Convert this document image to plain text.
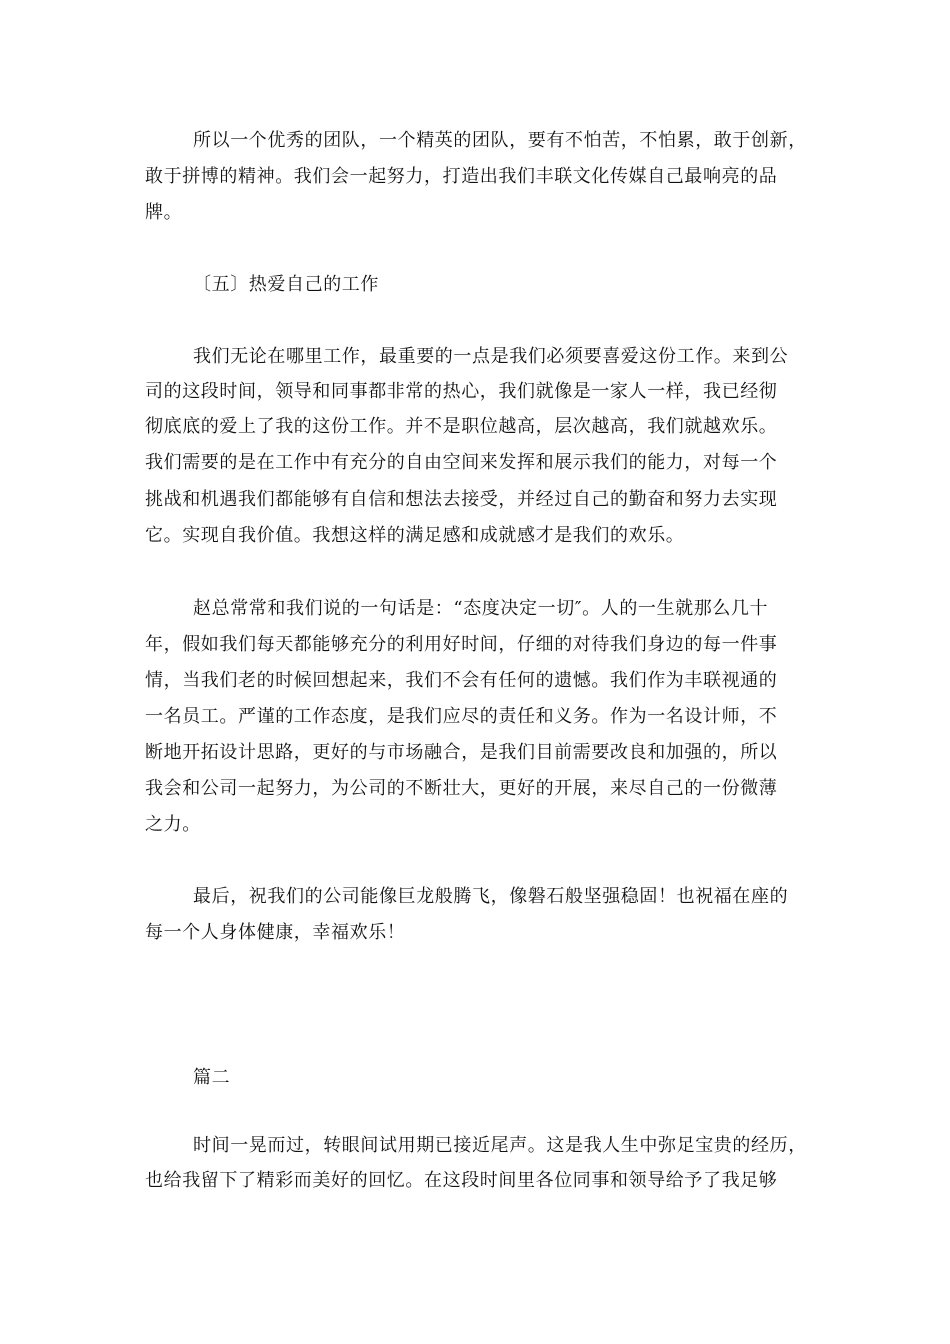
所以一个优秀的团队，一个精英的团队，要有不怕苦，不怕累，敢于创新，
敢于拼博的精神。我们会一起努力，打造出我们丰联文化传媒自己最响亮的品
牌。
〔五〕热爱自己的工作
我们无论在哪里工作，最重要的一点是我们必须要喜爱这份工作。来到公
司的这段时间，领导和同事都非常的热心，我们就像是一家人一样，我已经彻
彻底底的爱上了我的这份工作。并不是职位越高，层次越高，我们就越欢乐。
我们需要的是在工作中有充分的自由空间来发挥和展示我们的能力，对每一个
挑战和机遇我们都能够有自信和想法去接受，并经过自己的勤奋和努力去实现
它。实现自我价值。我想这样的满足感和成就感才是我们的欢乐。
赵总常常和我们说的一句话是：“态度决定一切″。人的一生就那么几十
年，假如我们每天都能够充分的利用好时间，仔细的对待我们身边的每一件事
情，当我们老的时候回想起来，我们不会有任何的遗憾。我们作为丰联视通的
一名员工。严谨的工作态度，是我们应尽的责任和义务。作为一名设计师，不
断地开拓设计思路，更好的与市场融合，是我们目前需要改良和加强的，所以
我会和公司一起努力，为公司的不断壮大，更好的开展，来尽自己的一份微薄
之力。
最后，祝我们的公司能像巨龙般腾飞，像磐石般坚强稳固！也祝福在座的
每一个人身体健康，幸福欢乐！
篇二
时间一晃而过，转眼间试用期已接近尾声。这是我人生中弥足宝贵的经历，
也给我留下了精彩而美好的回忆。在这段时间里各位同事和领导给予了我足够
